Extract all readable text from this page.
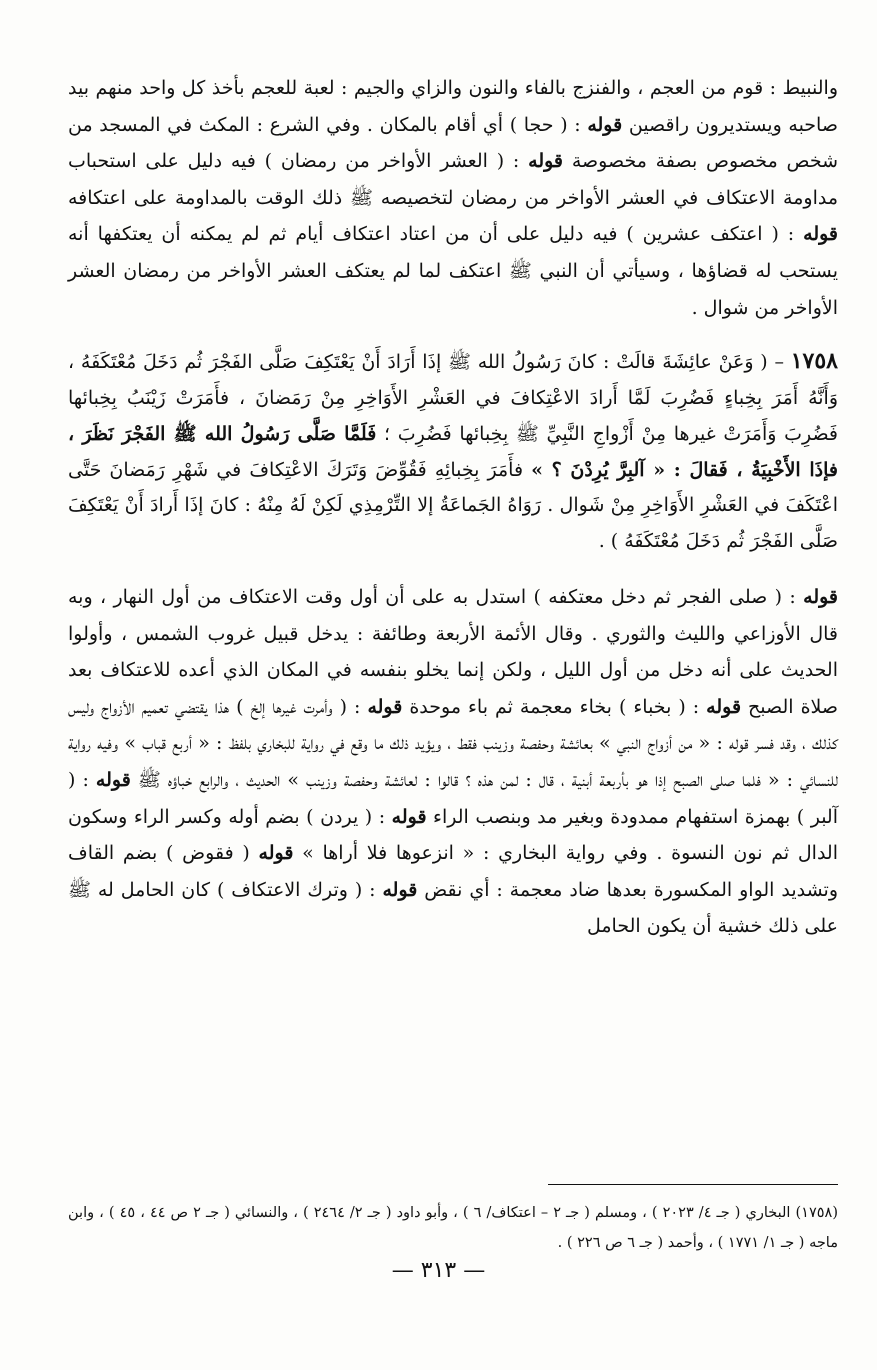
والنبيط : قوم من العجم ، والفنزج بالفاء والنون والزاي والجيم : لعبة للعجم بأخذ كل واحد منهم بيد صاحبه ويستديرون راقصين قوله : ( حجا ) أي أقام بالمكان . وفي الشرع : المكث في المسجد من شخص مخصوص بصفة مخصوصة قوله : ( العشر الأواخر من رمضان ) فيه دليل على استحباب مداومة الاعتكاف في العشر الأواخر من رمضان لتخصيصه ﷺ ذلك الوقت بالمداومة على اعتكافه قوله : ( اعتكف عشرين ) فيه دليل على أن من اعتاد اعتكاف أيام ثم لم يمكنه أن يعتكفها أنه يستحب له قضاؤها ، وسيأتي أن النبي ﷺ اعتكف لما لم يعتكف العشر الأواخر من رمضان العشر الأواخر من شوال .

١٧٥٨ – ( وَعَنْ عائِشَةَ قالَتْ : كانَ رَسُولُ الله ﷺ إذَا أَرَادَ أَنْ يَعْتَكِفَ صَلَّى الفَجْرَ ثُم دَخَلَ مُعْتَكَفَهُ ، وَأَنَّهُ أَمَرَ بِخِباءٍ فَضُرِبَ لَمَّا أَرادَ الاعْتِكافَ في العَشْرِ الأَوَاخِرِ مِنْ رَمَضانَ ، فأَمَرَتْ زَيْنَبُ بِخِبائها فَضُرِبَ وَأَمَرَتْ غيرها مِنْ أَزْواجِ النَّبِيِّ ﷺ بِخِبائها فَضُرِبَ ؛ فَلَمَّا صَلَّى رَسُولُ الله ﷺ الفَجْرَ نَظَرَ ، فإذَا الأَخْبِيَةُ ، فَقالَ : « آلبِرَّ يُرِدْنَ ؟ » فأَمَرَ بِخِبائِهِ فَقُوِّضَ وَتَرَكَ الاعْتِكافَ في شَهْرِ رَمَضانَ حَتَّى اعْتَكَفَ في العَشْرِ الأَوَاخِرِ مِنْ شَوال . رَوَاهُ الجَماعَةُ إلا التِّرْمِذِي لَكِنْ لَهُ مِنْهُ : كانَ إذَا أَرادَ أَنْ يَعْتَكِفَ صَلَّى الفَجْرَ ثُم دَخَلَ مُعْتَكَفَهُ ) .

قوله : ( صلى الفجر ثم دخل معتكفه ) استدل به على أن أول وقت الاعتكاف من أول النهار ، وبه قال الأوزاعي والليث والثوري . وقال الأئمة الأربعة وطائفة : يدخل قبيل غروب الشمس ، وأولوا الحديث على أنه دخل من أول الليل ، ولكن إنما يخلو بنفسه في المكان الذي أعده للاعتكاف بعد صلاة الصبح قوله : ( بخباء ) بخاء معجمة ثم باء موحدة قوله : ( وأمرت غيرها إلخ ) هذا يقتضي تعميم الأزواج وليس كذلك ، وقد فسر قوله : « من أزواج النبي » بعائشة وحفصة وزينب فقط ، ويؤيد ذلك ما وقع في رواية للبخاري بلفظ : « أربع قباب » وفيه رواية للنسائي : « فلما صلى الصبح إذا هو بأربعة أبنية ، قال : لمن هذه ؟ قالوا : لعائشة وحفصة وزينب » الحديث ، والرابع خباؤه ﷺ قوله : ( آلبر ) بهمزة استفهام ممدودة وبغير مد وبنصب الراء قوله : ( يردن ) بضم أوله وكسر الراء وسكون الدال ثم نون النسوة . وفي رواية البخاري : « انزعوها فلا أراها » قوله ( فقوض ) بضم القاف وتشديد الواو المكسورة بعدها ضاد معجمة : أي نقض قوله : ( وترك الاعتكاف ) كان الحامل له ﷺ على ذلك خشية أن يكون الحامل

(١٧٥٨) البخاري ( جـ ٤/ ٢٠٢٣ ) ، ومسلم ( جـ ٢ – اعتكاف/ ٦ ) ، وأبو داود ( جـ ٢/ ٢٤٦٤ ) ، والنسائي ( جـ ٢ ص ٤٤ ، ٤٥ ) ، وابن ماجه ( جـ ١/ ١٧٧١ ) ، وأحمد ( جـ ٦ ص ٢٢٦ ) .
— ٣١٣ —
